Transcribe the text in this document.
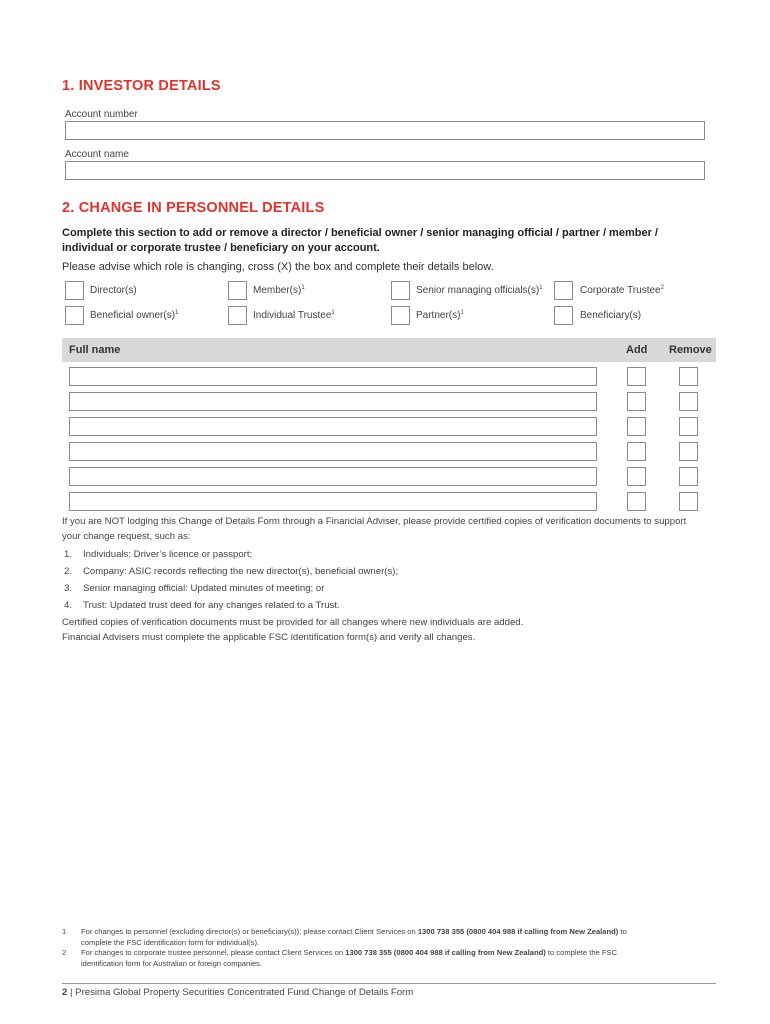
1. INVESTOR DETAILS
Account number
Account name
2. CHANGE IN PERSONNEL DETAILS
Complete this section to add or remove a director / beneficial owner / senior managing official / partner / member /
individual or corporate trustee / beneficiary on your account.
Please advise which role is changing, cross (X) the box and complete their details below.
Director(s)	$Member(s)^1$	Senior managing $officials(s)^1$	Corporate Trustee$^2$
Beneficial $owner(s)^1$	Individual Trustee$^1$	$Partner(s)^1$	Beneficiary(s)
Full name	Add Remove
If you are NOT lodging this Change of Details Form through a Financial Adviser, please provide certified copies of verification documents to support
your change request, such as:
1. Individuals: Driver’s licence or passport;
2. Company: ASIC records reflecting the new director(s), beneficial owner(s);
3. Senior managing official: Updated minutes of meeting; or
4. Trust: Updated trust deed for any changes related to a Trust.
Certified copies of verification documents must be provided for all changes where new individuals are added.
Financial Advisers must complete the applicable FSC identification form(s) and verify all changes.
1 For changes to personnel (excluding director(s) or beneficiary(s)), please contact Client Services on 1300 738 355 (0800 404 988 if calling from New Zealand) to
complete the FSC identification form for individual(s).
2 For changes to corporate trustee personnel, please contact Client Services on 1300 738 355 (0800 404 988 if calling from New Zealand) to complete the FSC
identification form for Australian or foreign companies.
2 | Presima Global Property Securities Concentrated Fund Change of Details Form
